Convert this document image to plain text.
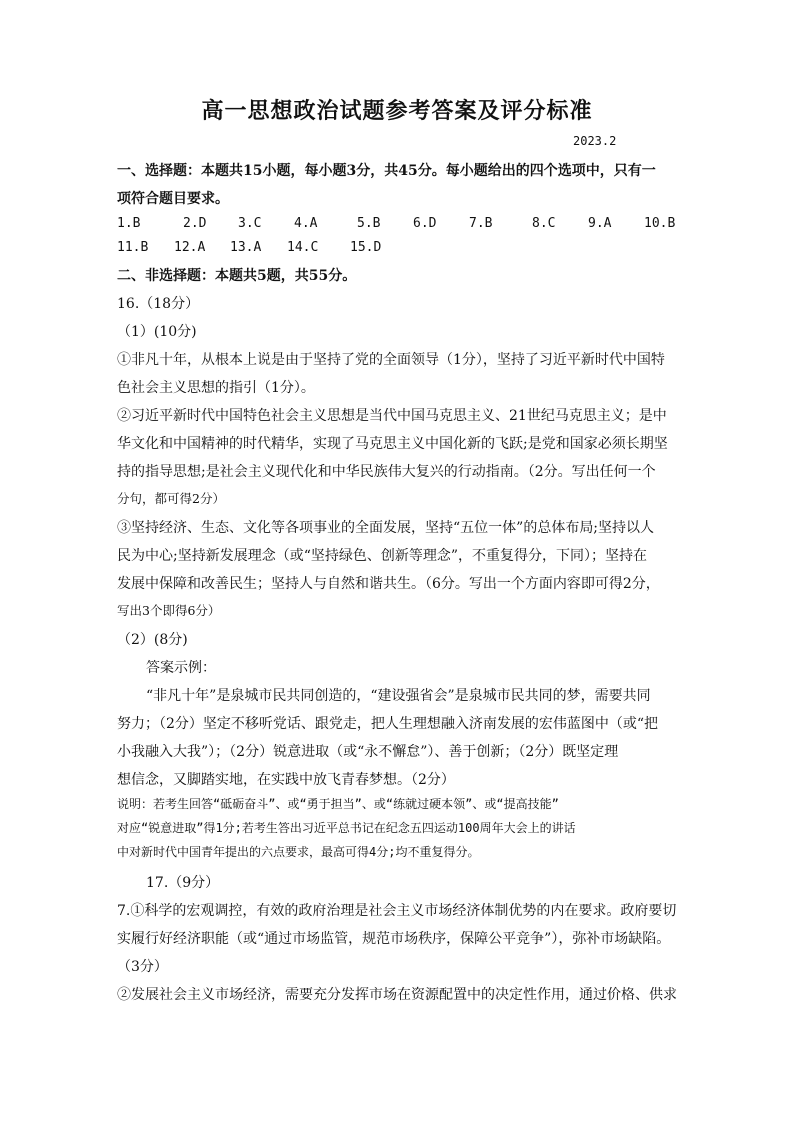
高一思想政治试题参考答案及评分标准
2023.2
一、选择题：本题共15小题，每小题3分，共45分。每小题给出的四个选项中，只有一
项符合题目要求。
1.B	2.D 3.C	4.A	5.B	6.D	7.B	8.C	9.A	10.B
11.B 12.A 13.A 14.C 15.D
二、非选择题：本题共5题，共55分。
16.（18分）
（1）(10分)
①非凡十年，从根本上说是由于坚持了党的全面领导（1分），坚持了习近平新时代中国特
色社会主义思想的指引（1分）。
②习近平新时代中国特色社会主义思想是当代中国马克思主义、21世纪马克思主义；是中
华文化和中国精神的时代精华，实现了马克思主义中国化新的飞跃;是党和国家必须长期坚
持的指导思想;是社会主义现代化和中华民族伟大复兴的行动指南。（2分。写出任何一个
分句，都可得2分）
③坚持经济、生态、文化等各项事业的全面发展，坚持“五位一体”的总体布局;坚持以人
民为中心;坚持新发展理念（或“坚持绿色、创新等理念”，不重复得分，下同）；坚持在
发展中保障和改善民生；坚持人与自然和谐共生。（6分。写出一个方面内容即可得2分，
写出3个即得6分）
（2）(8分)
答案示例：
“非凡十年”是泉城市民共同创造的，“建设强省会”是泉城市民共同的梦，需要共同
努力；（2分）坚定不移听党话、跟党走，把人生理想融入济南发展的宏伟蓝图中（或“把
小我融入大我”）；（2分）锐意进取（或“永不懈怠”）、善于创新；（2分）既坚定理
想信念，又脚踏实地，在实践中放飞青春梦想。（2分）
说明：若考生回答“砥砺奋斗”、或“勇于担当”、或“练就过硬本领”、或“提高技能”
对应“锐意进取”得1分;若考生答出习近平总书记在纪念五四运动100周年大会上的讲话
中对新时代中国青年提出的六点要求，最高可得4分;均不重复得分。
17.（9分）
7.①科学的宏观调控，有效的政府治理是社会主义市场经济体制优势的内在要求。政府要切
实履行好经济职能（或“通过市场监管，规范市场秩序，保障公平竞争”），弥补市场缺陷。
（3分）
②发展社会主义市场经济，需要充分发挥市场在资源配置中的决定性作用，通过价格、供求
